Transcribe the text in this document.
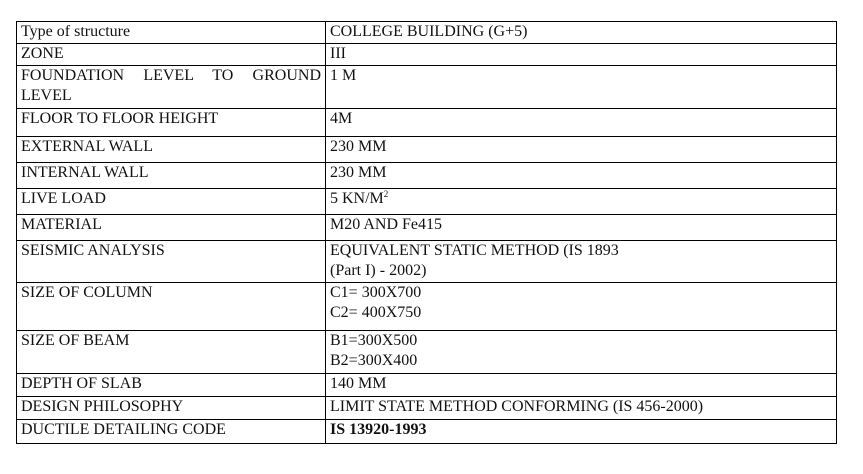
Type of structure	COLLEGE BUILDING (G+5)

ZONE	III

FOUNDATION LEVEL TO GROUND LEVEL	1 M

FLOOR TO FLOOR HEIGHT	4M

EXTERNAL WALL	230 MM

INTERNAL WALL	230 MM

LIVE LOAD	5 $KN/M^2$

MATERIAL	M20 AND Fe415

SEISMIC ANALYSIS	EQUIVALENT STATIC METHOD (IS 1893
(Part I) - 2002)

SIZE OF COLUMN	C1= 300X700
C2= 400X750

SIZE OF BEAM	B1=300X500
B2=300X400

DEPTH OF SLAB	140 MM

DESIGN PHILOSOPHY	LIMIT STATE METHOD CONFORMING (IS 456-2000)

DUCTILE DETAILING CODE	IS 13920-1993
